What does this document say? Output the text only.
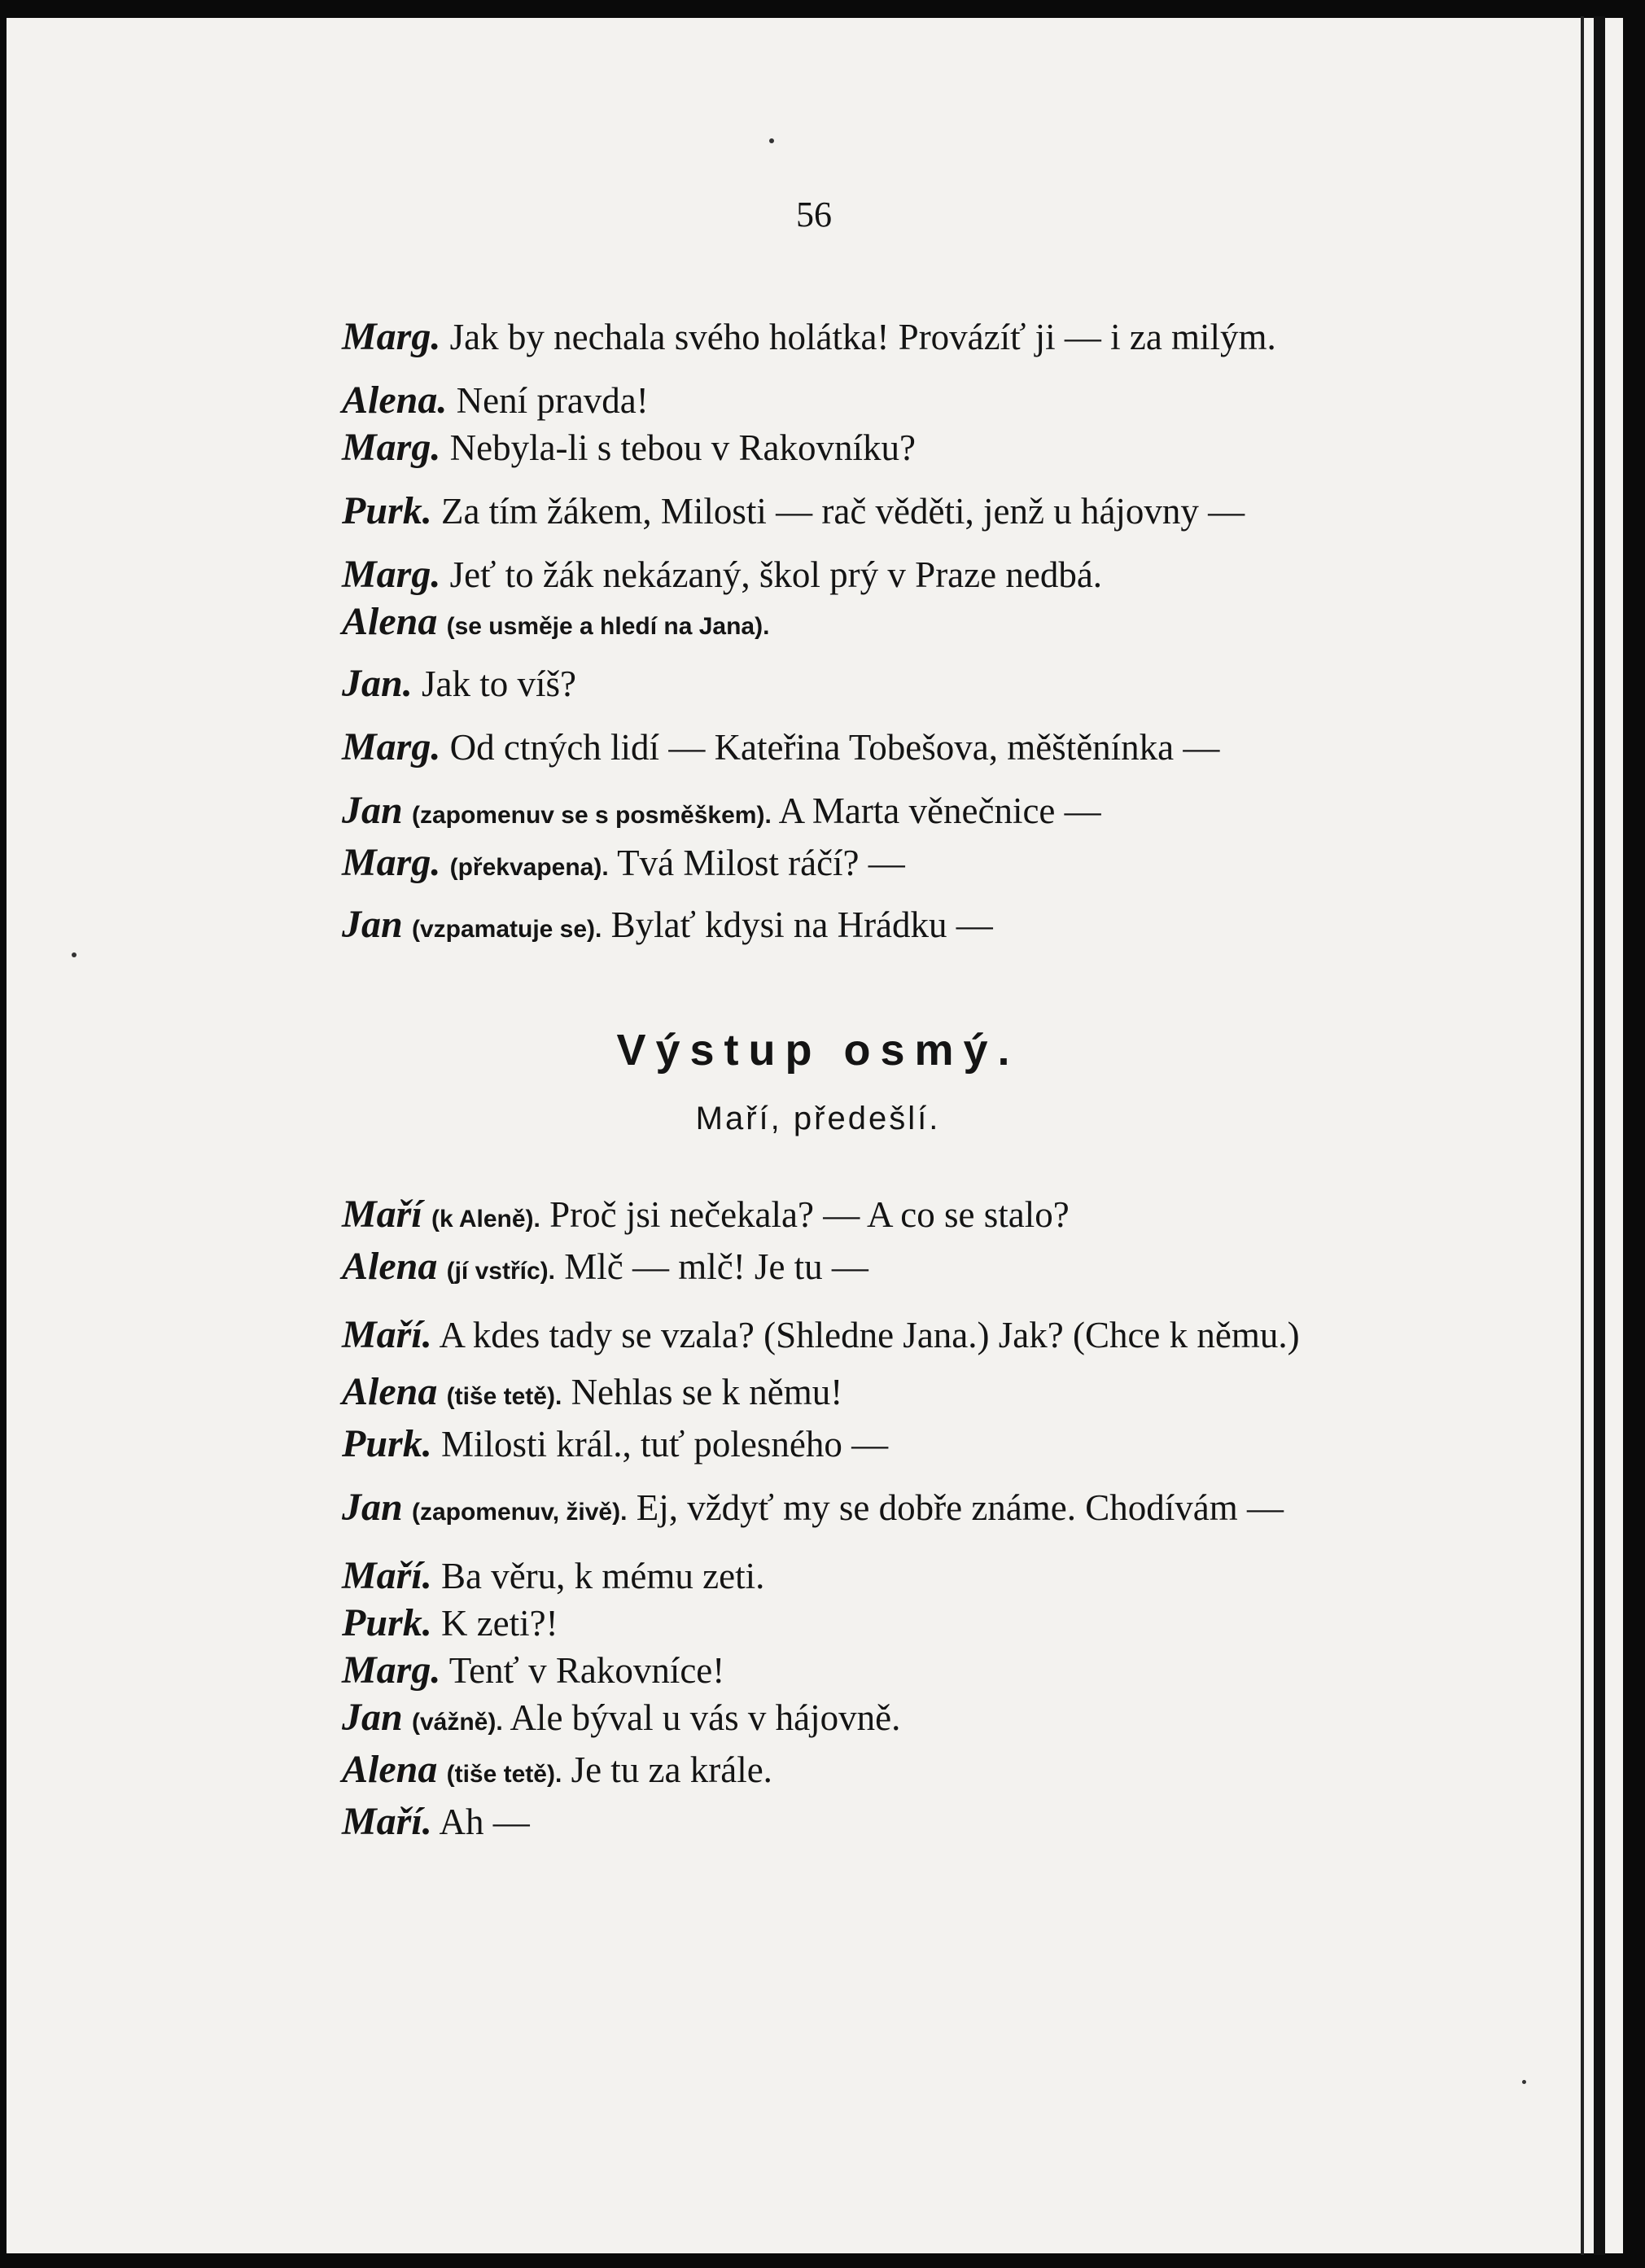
56

Marg. Jak by nechala svého holátka! Provázíť ji — i za milým.

Alena. Není pravda!

Marg. Nebyla-li s tebou v Rakovníku?

Purk. Za tím žákem, Milosti — rač věděti, jenž u hájovny —

Marg. Jeť to žák nekázaný, škol prý v Praze nedbá.

Alena (se usměje a hledí na Jana).

Jan. Jak to víš?

Marg. Od ctných lidí — Kateřina Tobešova, měštěnínka —

Jan (zapomenuv se s posměškem). A Marta věnečnice —

Marg. (překvapena). Tvá Milost ráčí? —

Jan (vzpamatuje se). Bylať kdysi na Hrádku —

Výstup osmý.
Maří, předešlí.

Maří (k Aleně). Proč jsi nečekala? — A co se stalo?

Alena (jí vstříc). Mlč — mlč! Je tu —

Maří. A kdes tady se vzala? (Shledne Jana.) Jak? (Chce k němu.)

Alena (tiše tetě). Nehlas se k němu!

Purk. Milosti král., tuť polesného —

Jan (zapomenuv, živě). Ej, vždyť my se dobře známe. Chodívám —

Maří. Ba věru, k mému zeti.

Purk. K zeti?!

Marg. Tenť v Rakovníce!

Jan (vážně). Ale býval u vás v hájovně.

Alena (tiše tetě). Je tu za krále.

Maří. Ah —
